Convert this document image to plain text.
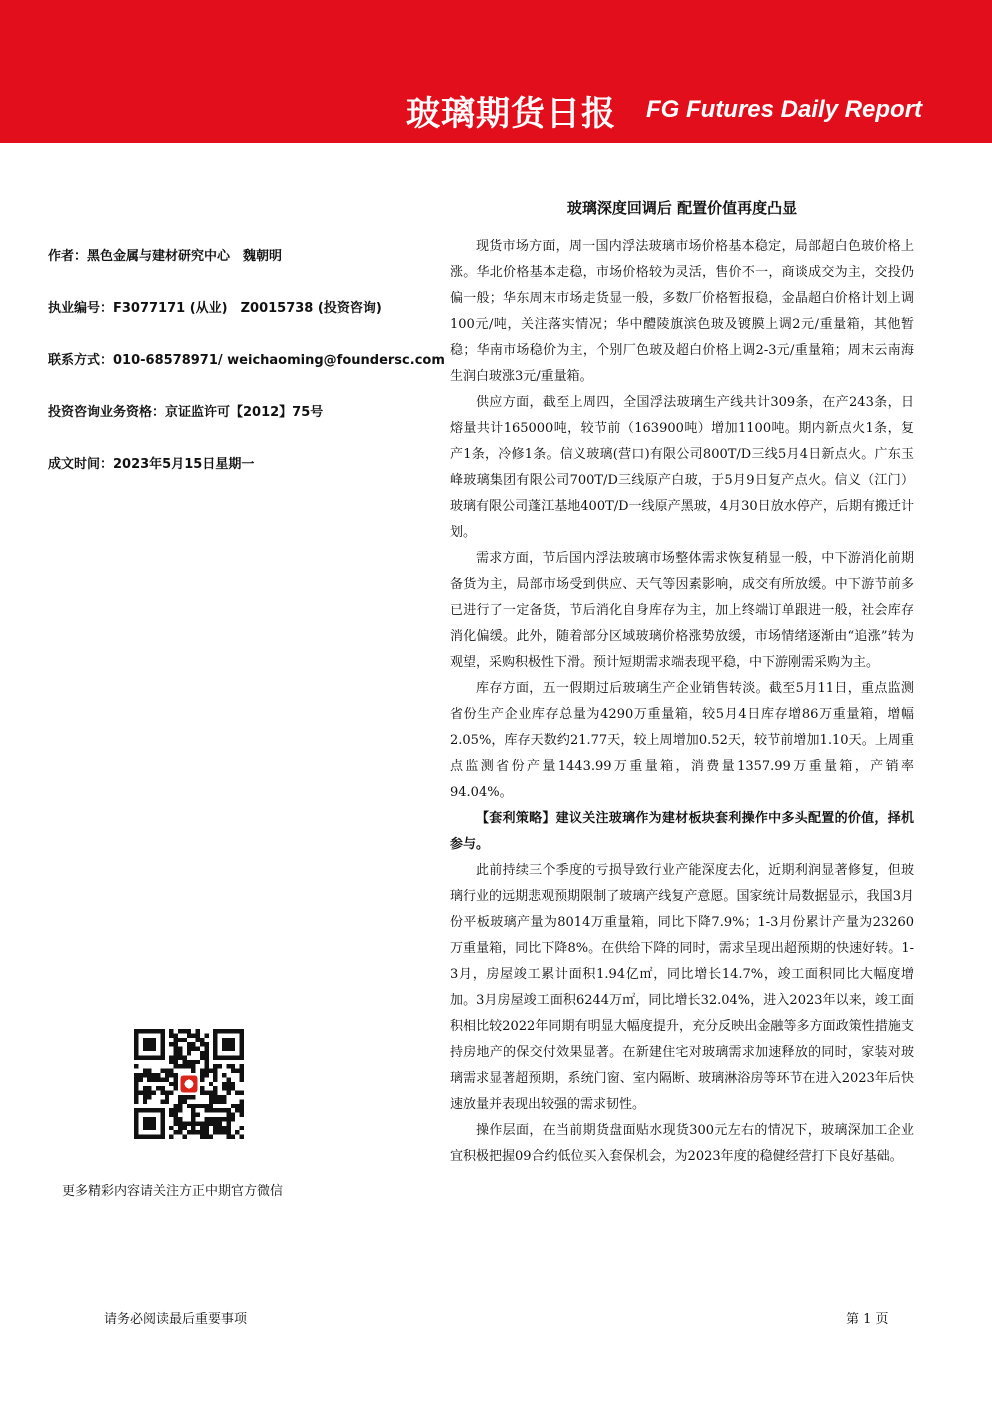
玻璃期货日报 FG Futures Daily Report
玻璃深度回调后 配置价值再度凸显
作者：黑色金属与建材研究中心　魏朝明
执业编号：F3077171 (从业)　Z0015738 (投资咨询)
联系方式：010-68578971/ weichaoming@foundersc.com
投资咨询业务资格：京证监许可【2012】75号
成文时间：2023年5月15日星期一

现货市场方面，周一国内浮法玻璃市场价格基本稳定，局部超白色玻价格上涨。华北价格基本走稳，市场价格较为灵活，售价不一，商谈成交为主，交投仍偏一般；华东周末市场走货显一般，多数厂价格暂报稳，金晶超白价格计划上调100元/吨，关注落实情况；华中醴陵旗滨色玻及镀膜上调2元/重量箱，其他暂稳；华南市场稳价为主，个别厂色玻及超白价格上调2-3元/重量箱；周末云南海生润白玻涨3元/重量箱。

供应方面，截至上周四，全国浮法玻璃生产线共计309条，在产243条，日熔量共计165000吨，较节前（163900吨）增加1100吨。期内新点火1条，复产1条，冷修1条。信义玻璃(营口)有限公司800T/D三线5月4日新点火。广东玉峰玻璃集团有限公司700T/D三线原产白玻，于5月9日复产点火。信义（江门）玻璃有限公司蓬江基地400T/D一线原产黑玻，4月30日放水停产，后期有搬迁计划。

需求方面，节后国内浮法玻璃市场整体需求恢复稍显一般，中下游消化前期备货为主，局部市场受到供应、天气等因素影响，成交有所放缓。中下游节前多已进行了一定备货，节后消化自身库存为主，加上终端订单跟进一般，社会库存消化偏缓。此外，随着部分区域玻璃价格涨势放缓，市场情绪逐渐由“追涨”转为观望，采购积极性下滑。预计短期需求端表现平稳，中下游刚需采购为主。

库存方面，五一假期过后玻璃生产企业销售转淡。截至5月11日，重点监测省份生产企业库存总量为4290万重量箱，较5月4日库存增86万重量箱，增幅2.05%，库存天数约21.77天，较上周增加0.52天，较节前增加1.10天。上周重点监测省份产量1443.99万重量箱，消费量1357.99万重量箱，产销率94.04%。

【套利策略】建议关注玻璃作为建材板块套利操作中多头配置的价值，择机参与。

此前持续三个季度的亏损导致行业产能深度去化，近期利润显著修复，但玻璃行业的远期悲观预期限制了玻璃产线复产意愿。国家统计局数据显示，我国3月份平板玻璃产量为8014万重量箱，同比下降7.9%；1-3月份累计产量为23260万重量箱，同比下降8%。在供给下降的同时，需求呈现出超预期的快速好转。1-3月，房屋竣工累计面积1.94亿㎡，同比增长14.7%，竣工面积同比大幅度增加。3月房屋竣工面积6244万㎡，同比增长32.04%，进入2023年以来，竣工面积相比较2022年同期有明显大幅度提升，充分反映出金融等多方面政策性措施支持房地产的保交付效果显著。在新建住宅对玻璃需求加速释放的同时，家装对玻璃需求显著超预期，系统门窗、室内隔断、玻璃淋浴房等环节在进入2023年后快速放量并表现出较强的需求韧性。

操作层面，在当前期货盘面贴水现货300元左右的情况下，玻璃深加工企业宜积极把握09合约低位买入套保机会，为2023年度的稳健经营打下良好基础。

更多精彩内容请关注方正中期官方微信
请务必阅读最后重要事项	第 1 页
